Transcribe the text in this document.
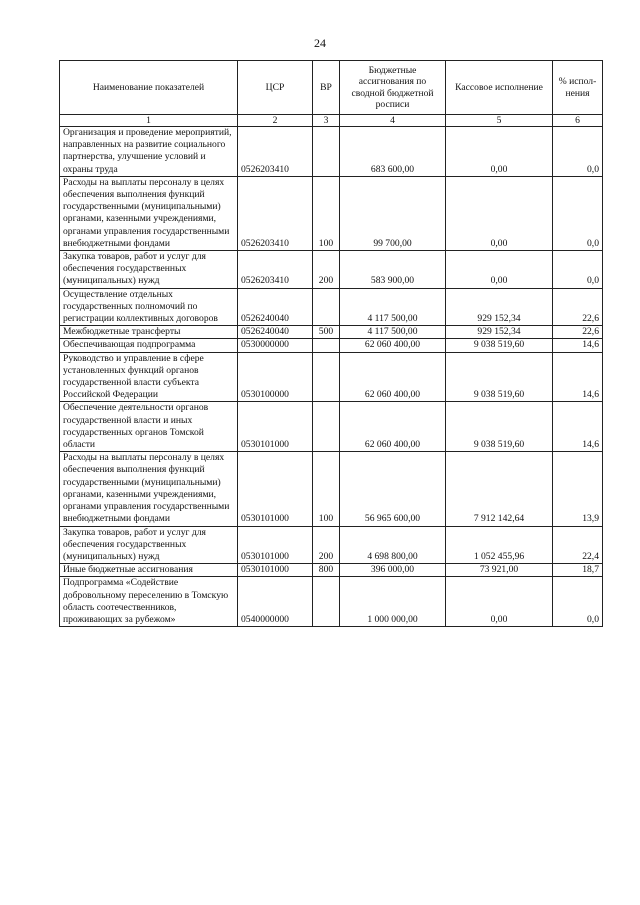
24
Наименование показателей	ЦСР	ВР	Бюджетные ассигнования по сводной бюджетной росписи	Кассовое исполнение	% испол-нения
1	2	3	4	5	6
Организация и проведение мероприятий, направленных на развитие социального партнерства, улучшение условий и охраны труда	0526203410		683 600,00	0,00	0,0
Расходы на выплаты персоналу в целях обеспечения выполнения функций государственными (муниципальными) органами, казенными учреждениями, органами управления государственными внебюджетными фондами	0526203410	100	99 700,00	0,00	0,0
Закупка товаров, работ и услуг для обеспечения государственных (муниципальных) нужд	0526203410	200	583 900,00	0,00	0,0
Осуществление отдельных государственных полномочий по регистрации коллективных договоров	0526240040		4 117 500,00	929 152,34	22,6
Межбюджетные трансферты	0526240040	500	4 117 500,00	929 152,34	22,6
Обеспечивающая подпрограмма	0530000000		62 060 400,00	9 038 519,60	14,6
Руководство и управление в сфере установленных функций органов государственной власти субъекта Российской Федерации	0530100000		62 060 400,00	9 038 519,60	14,6
Обеспечение деятельности органов государственной власти и иных государственных органов Томской области	0530101000		62 060 400,00	9 038 519,60	14,6
Расходы на выплаты персоналу в целях обеспечения выполнения функций государственными (муниципальными) органами, казенными учреждениями, органами управления государственными внебюджетными фондами	0530101000	100	56 965 600,00	7 912 142,64	13,9
Закупка товаров, работ и услуг для обеспечения государственных (муниципальных) нужд	0530101000	200	4 698 800,00	1 052 455,96	22,4
Иные бюджетные ассигнования	0530101000	800	396 000,00	73 921,00	18,7
Подпрограмма «Содействие добровольному переселению в Томскую область соотечественников, проживающих за рубежом»	0540000000		1 000 000,00	0,00	0,0
